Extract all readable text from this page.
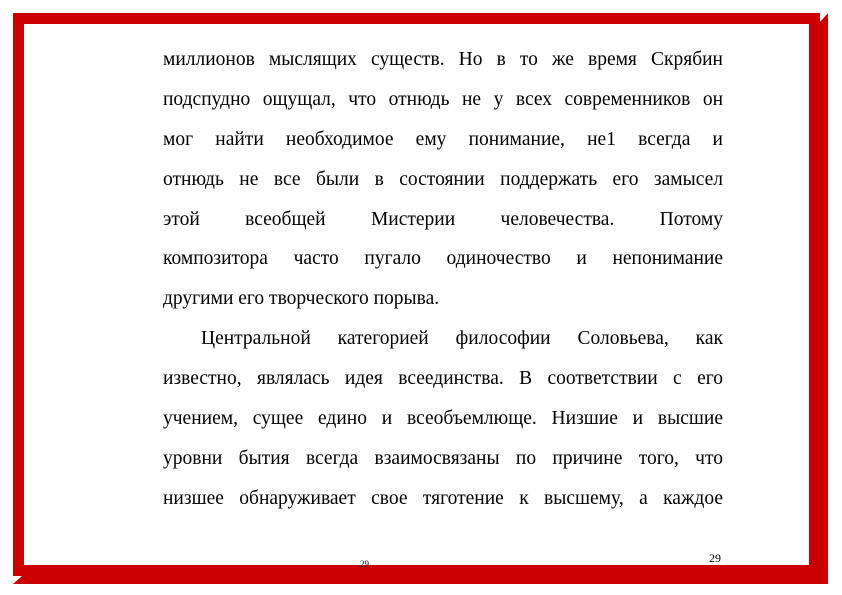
миллионов мыслящих существ. Но в то же время Скрябин
подспудно ощущал, что отнюдь не у всех современников он
мог найти необходимое ему понимание, не1 всегда и
отнюдь не все были в состоянии поддержать его замысел
этой всеобщей Мистерии человечества. Потому
композитора часто пугало одиночество и непонимание
другими его творческого порыва.
Центральной категорией философии Соловьева, как
известно, являлась идея всеединства. В соответствии с его
учением, сущее едино и всеобъемлюще. Низшие и высшие
уровни бытия всегда взаимосвязаны по причине того, что
низшее обнаруживает свое тяготение к высшему, а каждое
29	29
